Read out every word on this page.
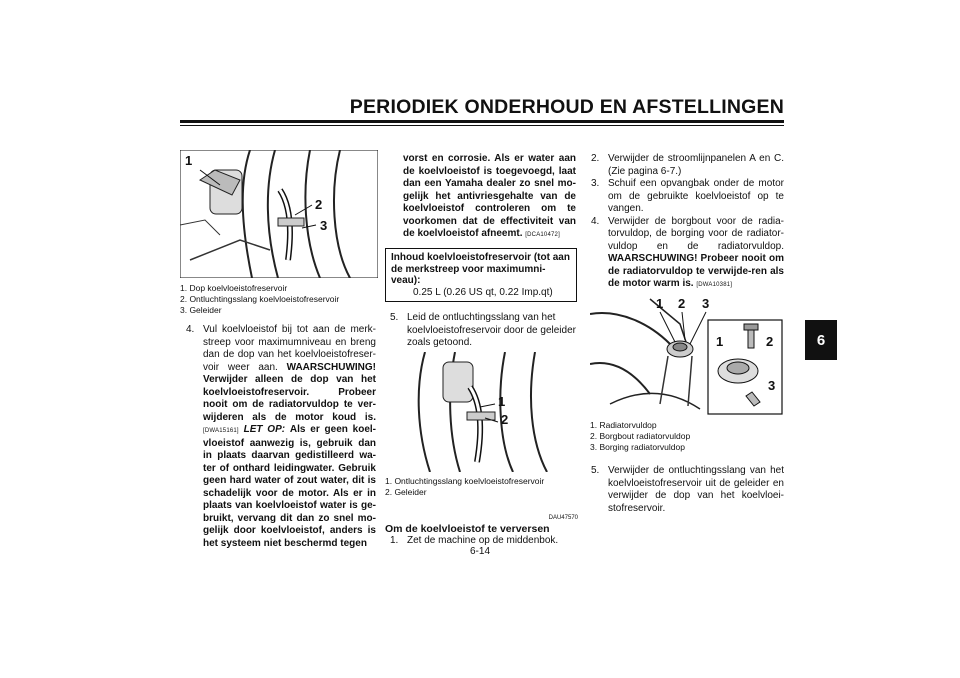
PERIODIEK ONDERHOUD EN AFSTELLINGEN
6
1
2
3
1. Dop koelvloeistofreservoir
2. Ontluchtingsslang koelvloeistofreservoir
3. Geleider
4. Vul koelvloeistof bij tot aan de merk-streep voor maximumniveau en breng dan de dop van het koelvloeistofreser-voir weer aan. WAARSCHUWING! Verwijder alleen de dop van het koelvloeistofreservoir. Probeer nooit om de radiatorvuldop te ver-wijderen als de motor koud is. [DWA15161] LET OP: Als er geen koel-vloeistof aanwezig is, gebruik dan in plaats daarvan gedistilleerd wa-ter of onthard leidingwater. Gebruik geen hard water of zout water, dit is schadelijk voor de motor. Als er in plaats van koelvloeistof water is ge-bruikt, vervang dit dan zo snel mo-gelijk door koelvloeistof, anders is het systeem niet beschermd tegen
vorst en corrosie. Als er water aan de koelvloeistof is toegevoegd, laat dan een Yamaha dealer zo snel mo-gelijk het antivriesgehalte van de koelvloeistof controleren om te voorkomen dat de effectiviteit van de koelvloeistof afneemt. [DCA10472]
Inhoud koelvloeistofreservoir (tot aan de merkstreep voor maximumni-veau):
0.25 L (0.26 US qt, 0.22 Imp.qt)
5. Leid de ontluchtingsslang van het koelvloeistofreservoir door de geleider zoals getoond.
1
2
1. Ontluchtingsslang koelvloeistofreservoir
2. Geleider
DAU47570
Om de koelvloeistof te verversen
1. Zet de machine op de middenbok.
2. Verwijder de stroomlijnpanelen A en C. (Zie pagina 6-7.)
3. Schuif een opvangbak onder de motor om de gebruikte koelvloeistof op te vangen.
4. Verwijder de borgbout voor de radia-torvuldop, de borging voor de radiator-vuldop en de radiatorvuldop. WAARSCHUWING! Probeer nooit om de radiatorvuldop te verwijde-ren als de motor warm is. [DWA10381]
1 2 3
1	2
3
1. Radiatorvuldop
2. Borgbout radiatorvuldop
3. Borging radiatorvuldop
5. Verwijder de ontluchtingsslang van het koelvloeistofreservoir uit de geleider en verwijder de dop van het koelvloei-stofreservoir.
6-14
